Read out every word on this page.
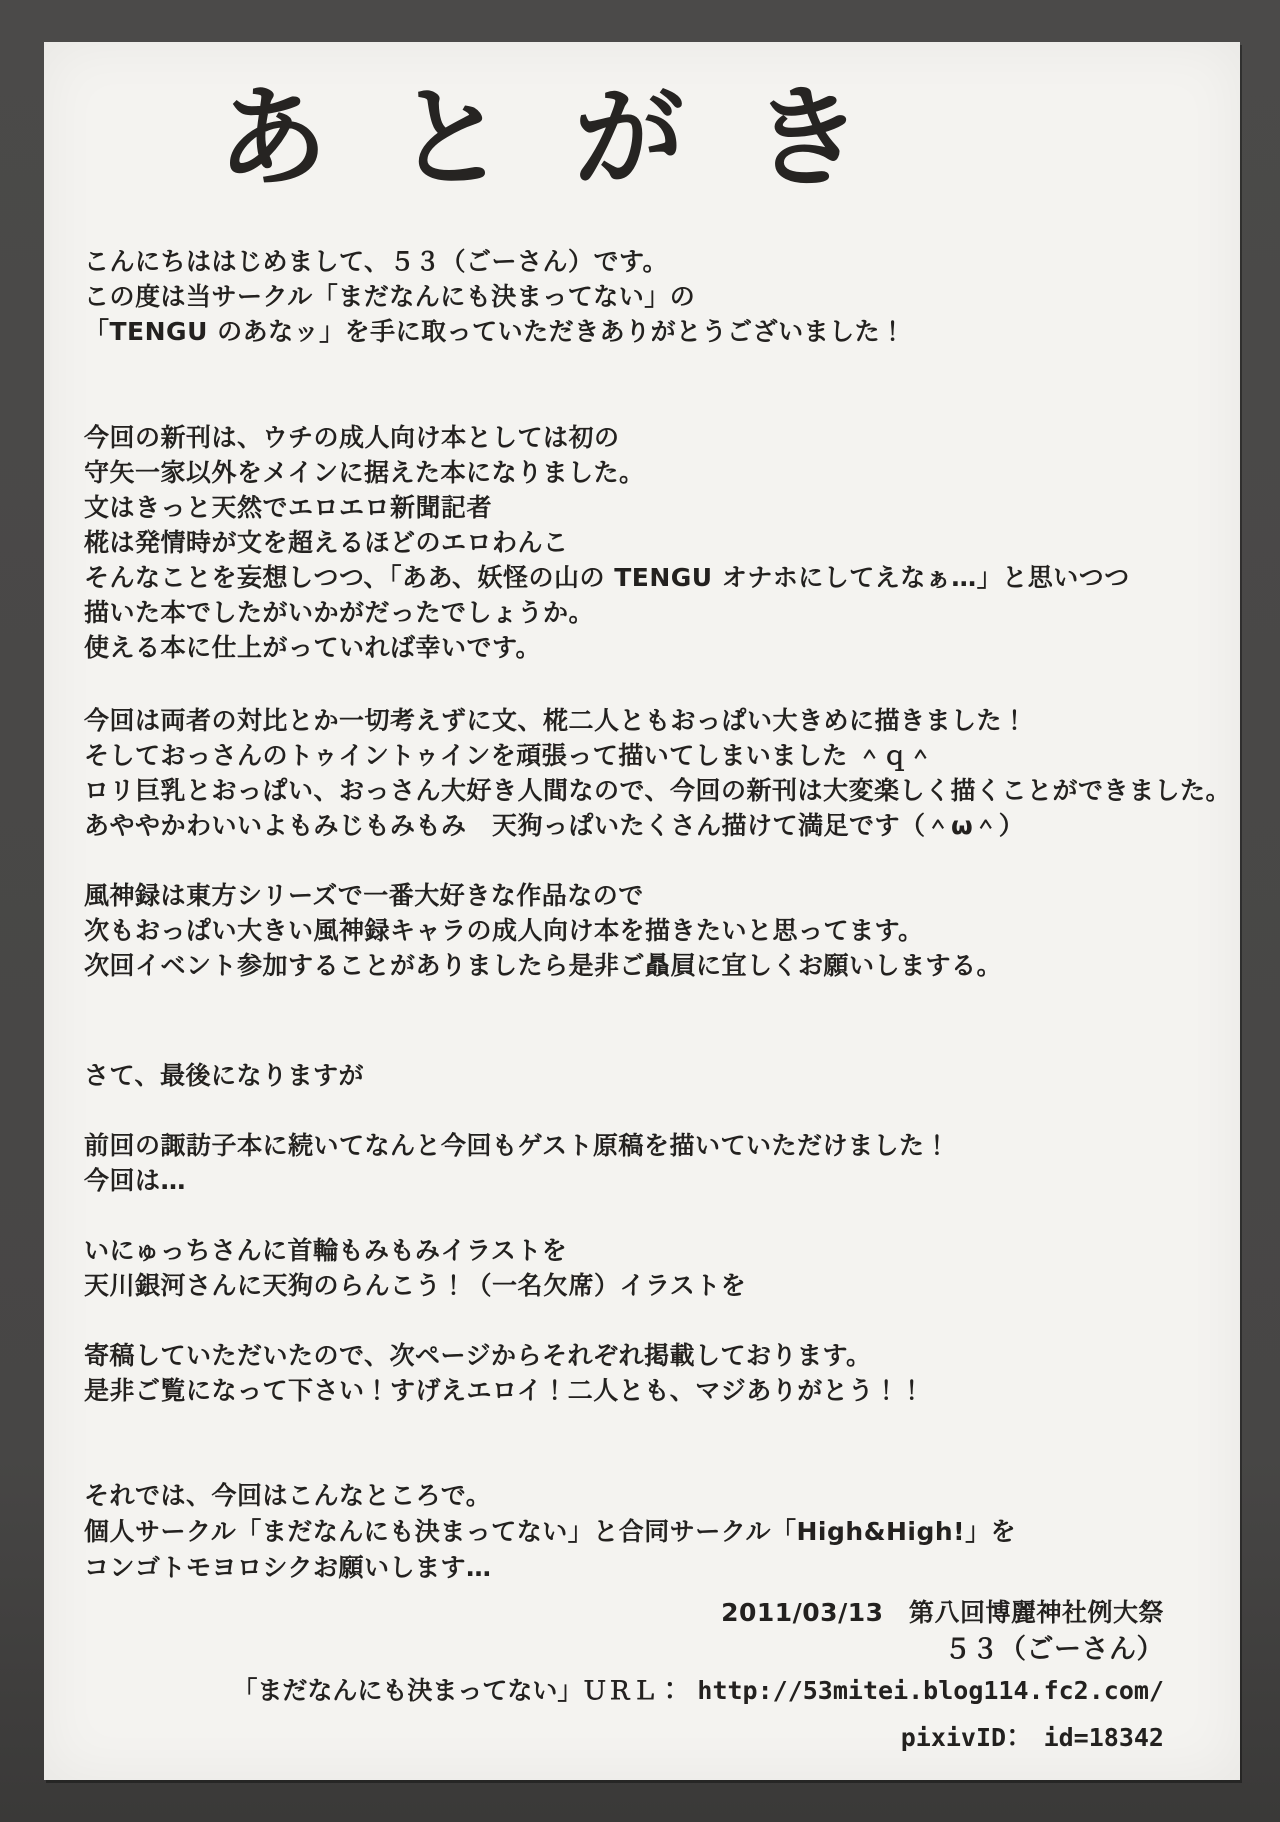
あとがき
こんにちははじめまして、５３（ごーさん）です。
この度は当サークル「まだなんにも決まってない」の
「TENGU のあなッ」を手に取っていただきありがとうございました！
今回の新刊は、ウチの成人向け本としては初の
守矢一家以外をメインに据えた本になりました。
文はきっと天然でエロエロ新聞記者
椛は発情時が文を超えるほどのエロわんこ
そんなことを妄想しつつ、「ああ、妖怪の山の TENGU オナホにしてえなぁ…」と思いつつ
描いた本でしたがいかがだったでしょうか。
使える本に仕上がっていれば幸いです。
今回は両者の対比とか一切考えずに文、椛二人ともおっぱい大きめに描きました！
そしておっさんのトゥイントゥインを頑張って描いてしまいました ＾ｑ＾
ロリ巨乳とおっぱい、おっさん大好き人間なので、今回の新刊は大変楽しく描くことができました。
あややかわいいよもみじもみもみ　天狗っぱいたくさん描けて満足です（＾ω＾）
風神録は東方シリーズで一番大好きな作品なので
次もおっぱい大きい風神録キャラの成人向け本を描きたいと思ってます。
次回イベント参加することがありましたら是非ご贔屓に宜しくお願いしまする。
さて、最後になりますが
前回の諏訪子本に続いてなんと今回もゲスト原稿を描いていただけました！
今回は…
いにゅっちさんに首輪もみもみイラストを
天川銀河さんに天狗のらんこう！（一名欠席）イラストを
寄稿していただいたので、次ページからそれぞれ掲載しております。
是非ご覧になって下さい！すげえエロイ！二人とも、マジありがとう！！
それでは、今回はこんなところで。
個人サークル「まだなんにも決まってない」と合同サークル「High&High!」を
コンゴトモヨロシクお願いします…
2011/03/13　第八回博麗神社例大祭
５３（ごーさん）
「まだなんにも決まってない」ＵＲＬ： http://53mitei.blog114.fc2.com/
pixivID：　id=18342
